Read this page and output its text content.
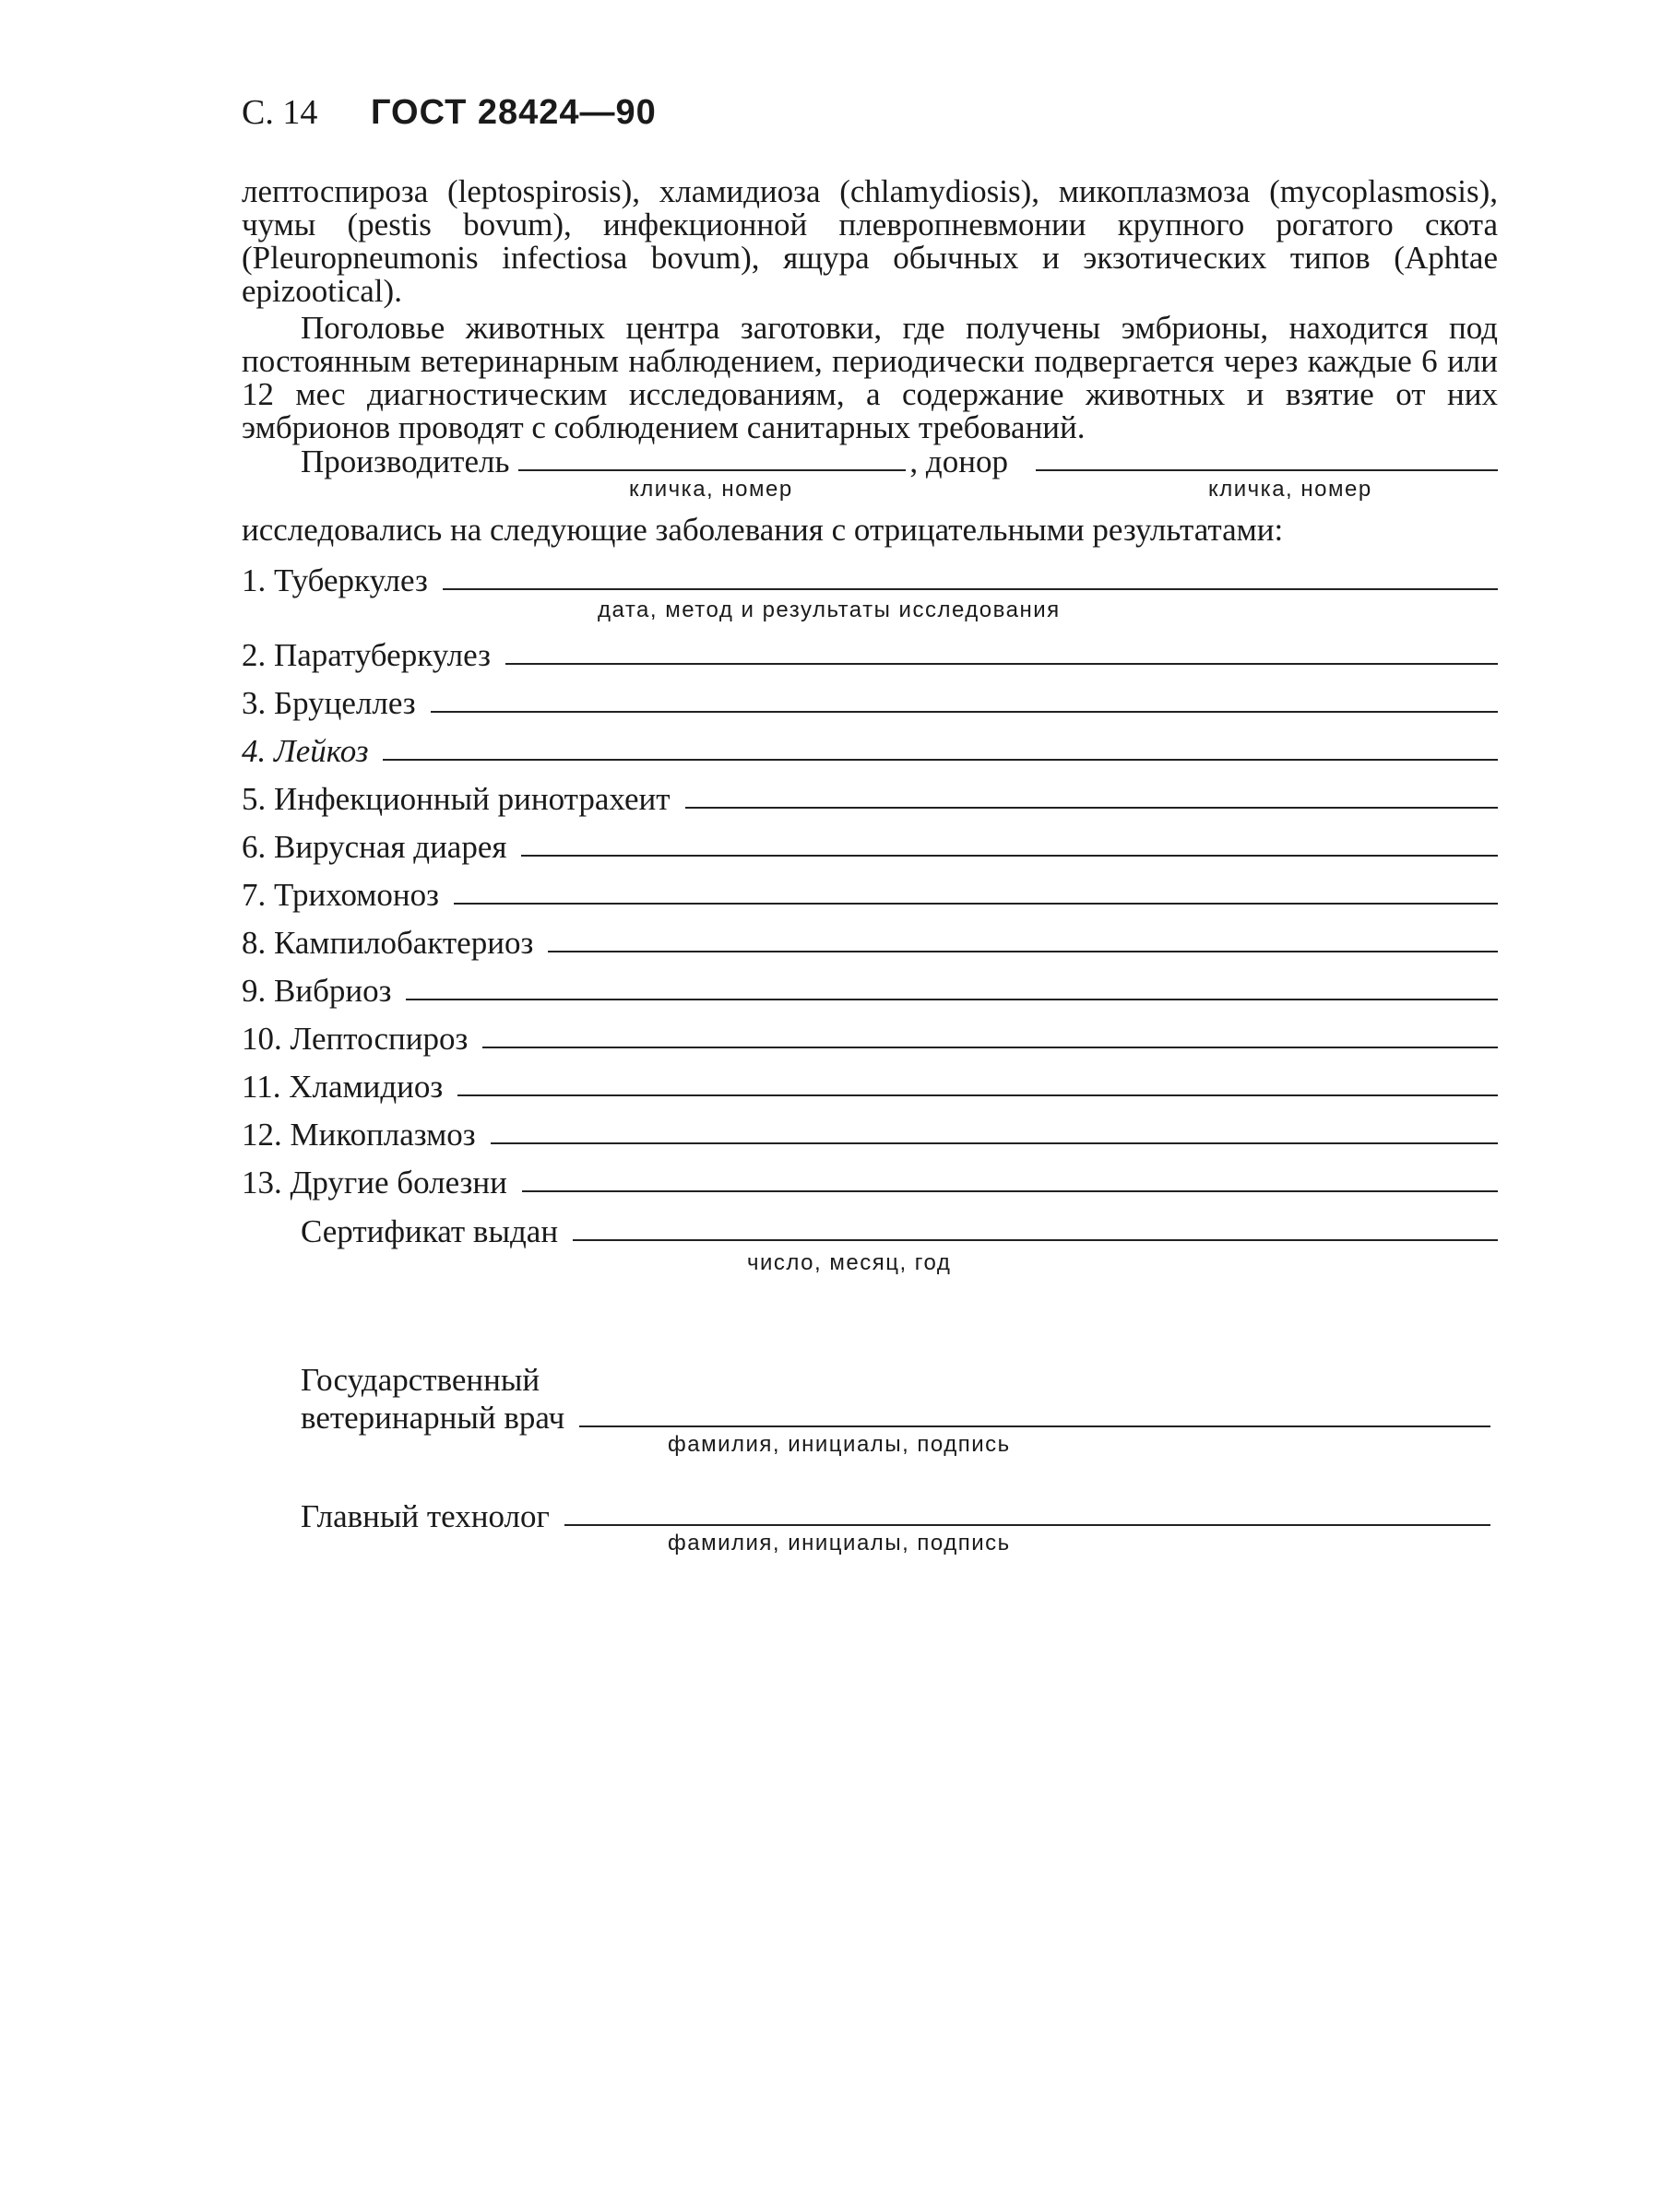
С. 14 ГОСТ 28424—90
лептоспироза (leptospirosis), хламидиоза (chlamydiosis), микоплазмоза (mycoplasmosis), чумы (pestis bovum), инфекционной плевропневмонии крупного рогатого скота (Pleuropneumonis infectiosa bovum), ящура обычных и экзотических типов (Aphtae epizootical).
Поголовье животных центра заготовки, где получены эмбрионы, находится под постоянным ветеринарным наблюдением, периодически подвергается через каждые 6 или 12 мес диагностическим исследованиям, а содержание животных и взятие от них эмбрионов проводят с соблюдением санитарных требований.
Производитель	, донор
кличка, номер	кличка, номер
исследовались на следующие заболевания с отрицательными результатами:
1. Туберкулез
дата, метод и результаты исследования
2. Паратуберкулез
3. Бруцеллез
4. Лейкоз
5. Инфекционный ринотрахеит
6. Вирусная диарея
7. Трихомоноз
8. Кампилобактериоз
9. Вибриоз
10. Лептоспироз
11. Хламидиоз
12. Микоплазмоз
13. Другие болезни
Сертификат выдан
число, месяц, год
Государственный
ветеринарный врач
фамилия, инициалы, подпись
Главный технолог
фамилия, инициалы, подпись
